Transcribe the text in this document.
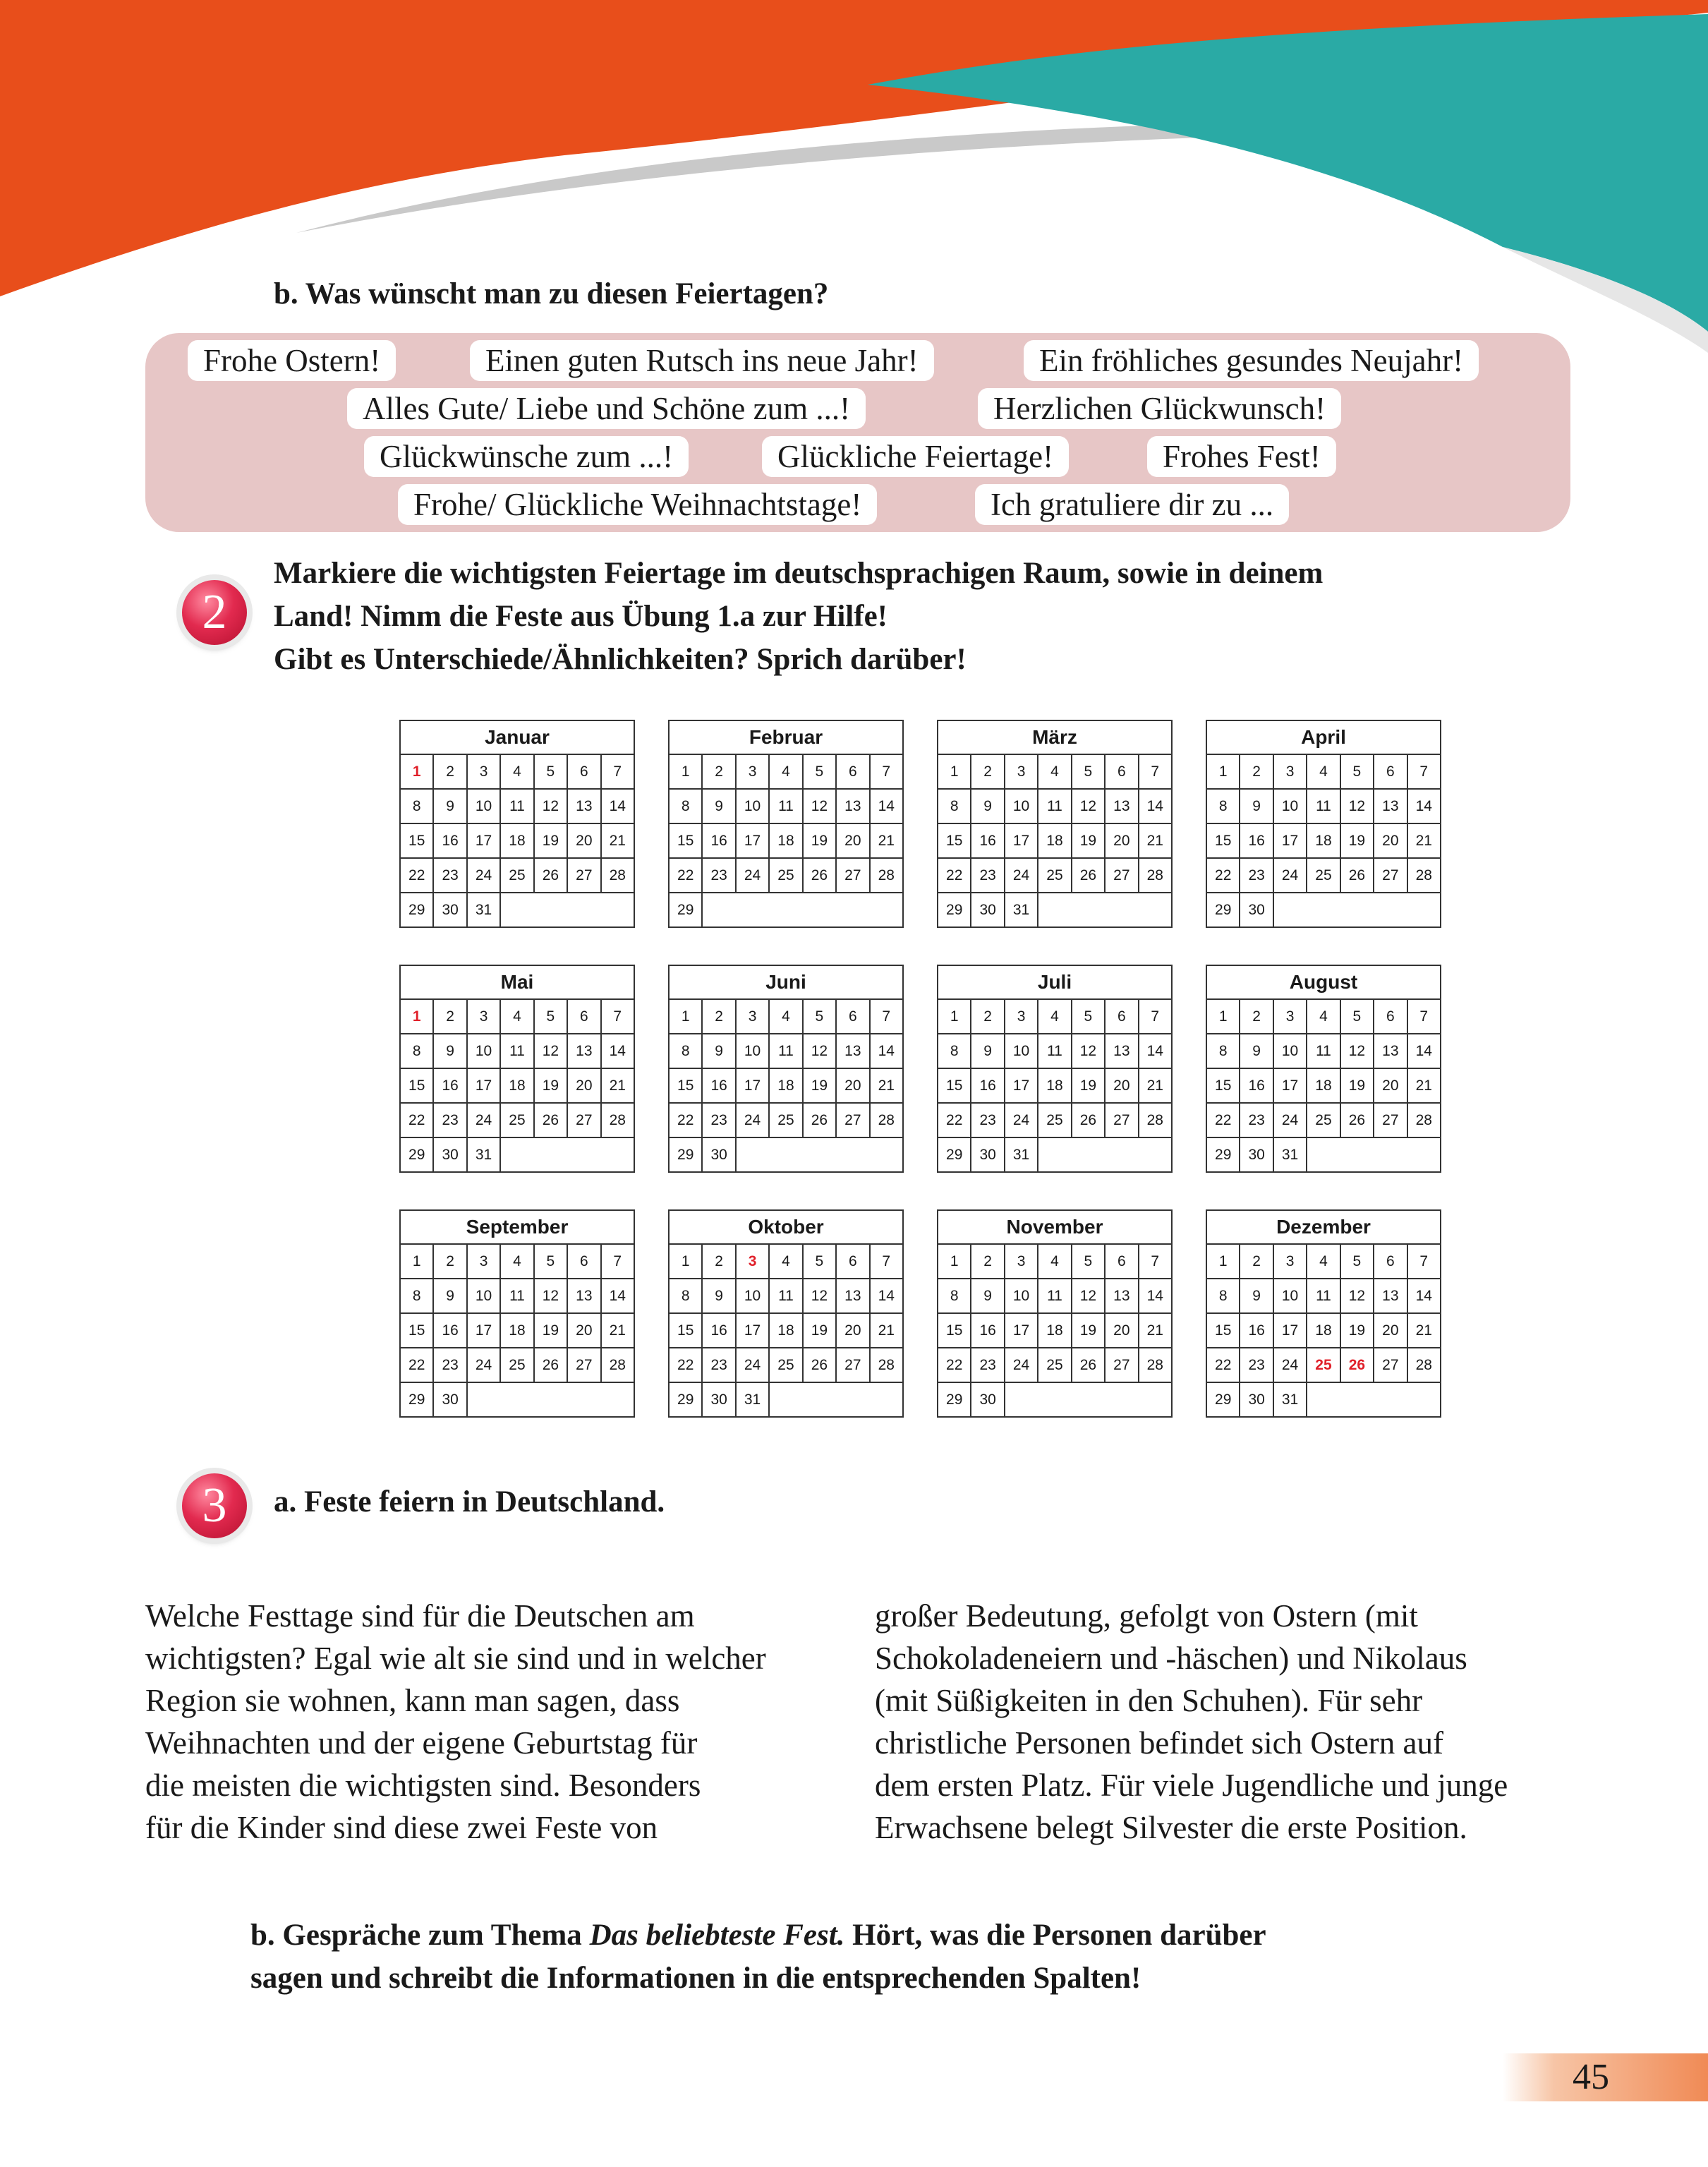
b. Was wünscht man zu diesen Feiertagen?
Frohe Ostern!	Einen guten Rutsch ins neue Jahr!	Ein fröhliches gesundes Neujahr!
Alles Gute/ Liebe und Schöne zum ...!	Herzlichen Glückwunsch!
Glückwünsche zum ...!	Glückliche Feiertage!	Frohes Fest!
Frohe/ Glückliche Weihnachtstage!	Ich gratuliere dir zu ...
2
Markiere die wichtigsten Feiertage im deutschsprachigen Raum, sowie in deinem
Land! Nimm die Feste aus Übung 1.a zur Hilfe!
Gibt es Unterschiede/Ähnlichkeiten? Sprich darüber!
Januar						
1	2	3	4	5	6	7
8	9	10	11	12	13	14
15	16	17	18	19	20	21
22	23	24	25	26	27	28
29	30	31				
Februar						
1	2	3	4	5	6	7
8	9	10	11	12	13	14
15	16	17	18	19	20	21
22	23	24	25	26	27	28
29						
März						
1	2	3	4	5	6	7
8	9	10	11	12	13	14
15	16	17	18	19	20	21
22	23	24	25	26	27	28
29	30	31				
April						
1	2	3	4	5	6	7
8	9	10	11	12	13	14
15	16	17	18	19	20	21
22	23	24	25	26	27	28
29	30					
Mai						
1	2	3	4	5	6	7
8	9	10	11	12	13	14
15	16	17	18	19	20	21
22	23	24	25	26	27	28
29	30	31				
Juni						
1	2	3	4	5	6	7
8	9	10	11	12	13	14
15	16	17	18	19	20	21
22	23	24	25	26	27	28
29	30					
Juli						
1	2	3	4	5	6	7
8	9	10	11	12	13	14
15	16	17	18	19	20	21
22	23	24	25	26	27	28
29	30	31				
August						
1	2	3	4	5	6	7
8	9	10	11	12	13	14
15	16	17	18	19	20	21
22	23	24	25	26	27	28
29	30	31				
September						
1	2	3	4	5	6	7
8	9	10	11	12	13	14
15	16	17	18	19	20	21
22	23	24	25	26	27	28
29	30					
Oktober						
1	2	3	4	5	6	7
8	9	10	11	12	13	14
15	16	17	18	19	20	21
22	23	24	25	26	27	28
29	30	31				
November						
1	2	3	4	5	6	7
8	9	10	11	12	13	14
15	16	17	18	19	20	21
22	23	24	25	26	27	28
29	30					
Dezember						
1	2	3	4	5	6	7
8	9	10	11	12	13	14
15	16	17	18	19	20	21
22	23	24	25	26	27	28
29	30	31				
3	a. Feste feiern in Deutschland.
Welche Festtage sind für die Deutschen am
wichtigsten? Egal wie alt sie sind und in welcher
Region sie wohnen, kann man sagen, dass
Weihnachten und der eigene Geburtstag für
die meisten die wichtigsten sind. Besonders
für die Kinder sind diese zwei Feste von
großer Bedeutung, gefolgt von Ostern (mit
Schokoladeneiern und -häschen) und Nikolaus
(mit Süßigkeiten in den Schuhen). Für sehr
christliche Personen befindet sich Ostern auf
dem ersten Platz. Für viele Jugendliche und junge
Erwachsene belegt Silvester die erste Position.
b. Gespräche zum Thema Das beliebteste Fest. Hört, was die Personen darüber
sagen und schreibt die Informationen in die entsprechenden Spalten!
45
